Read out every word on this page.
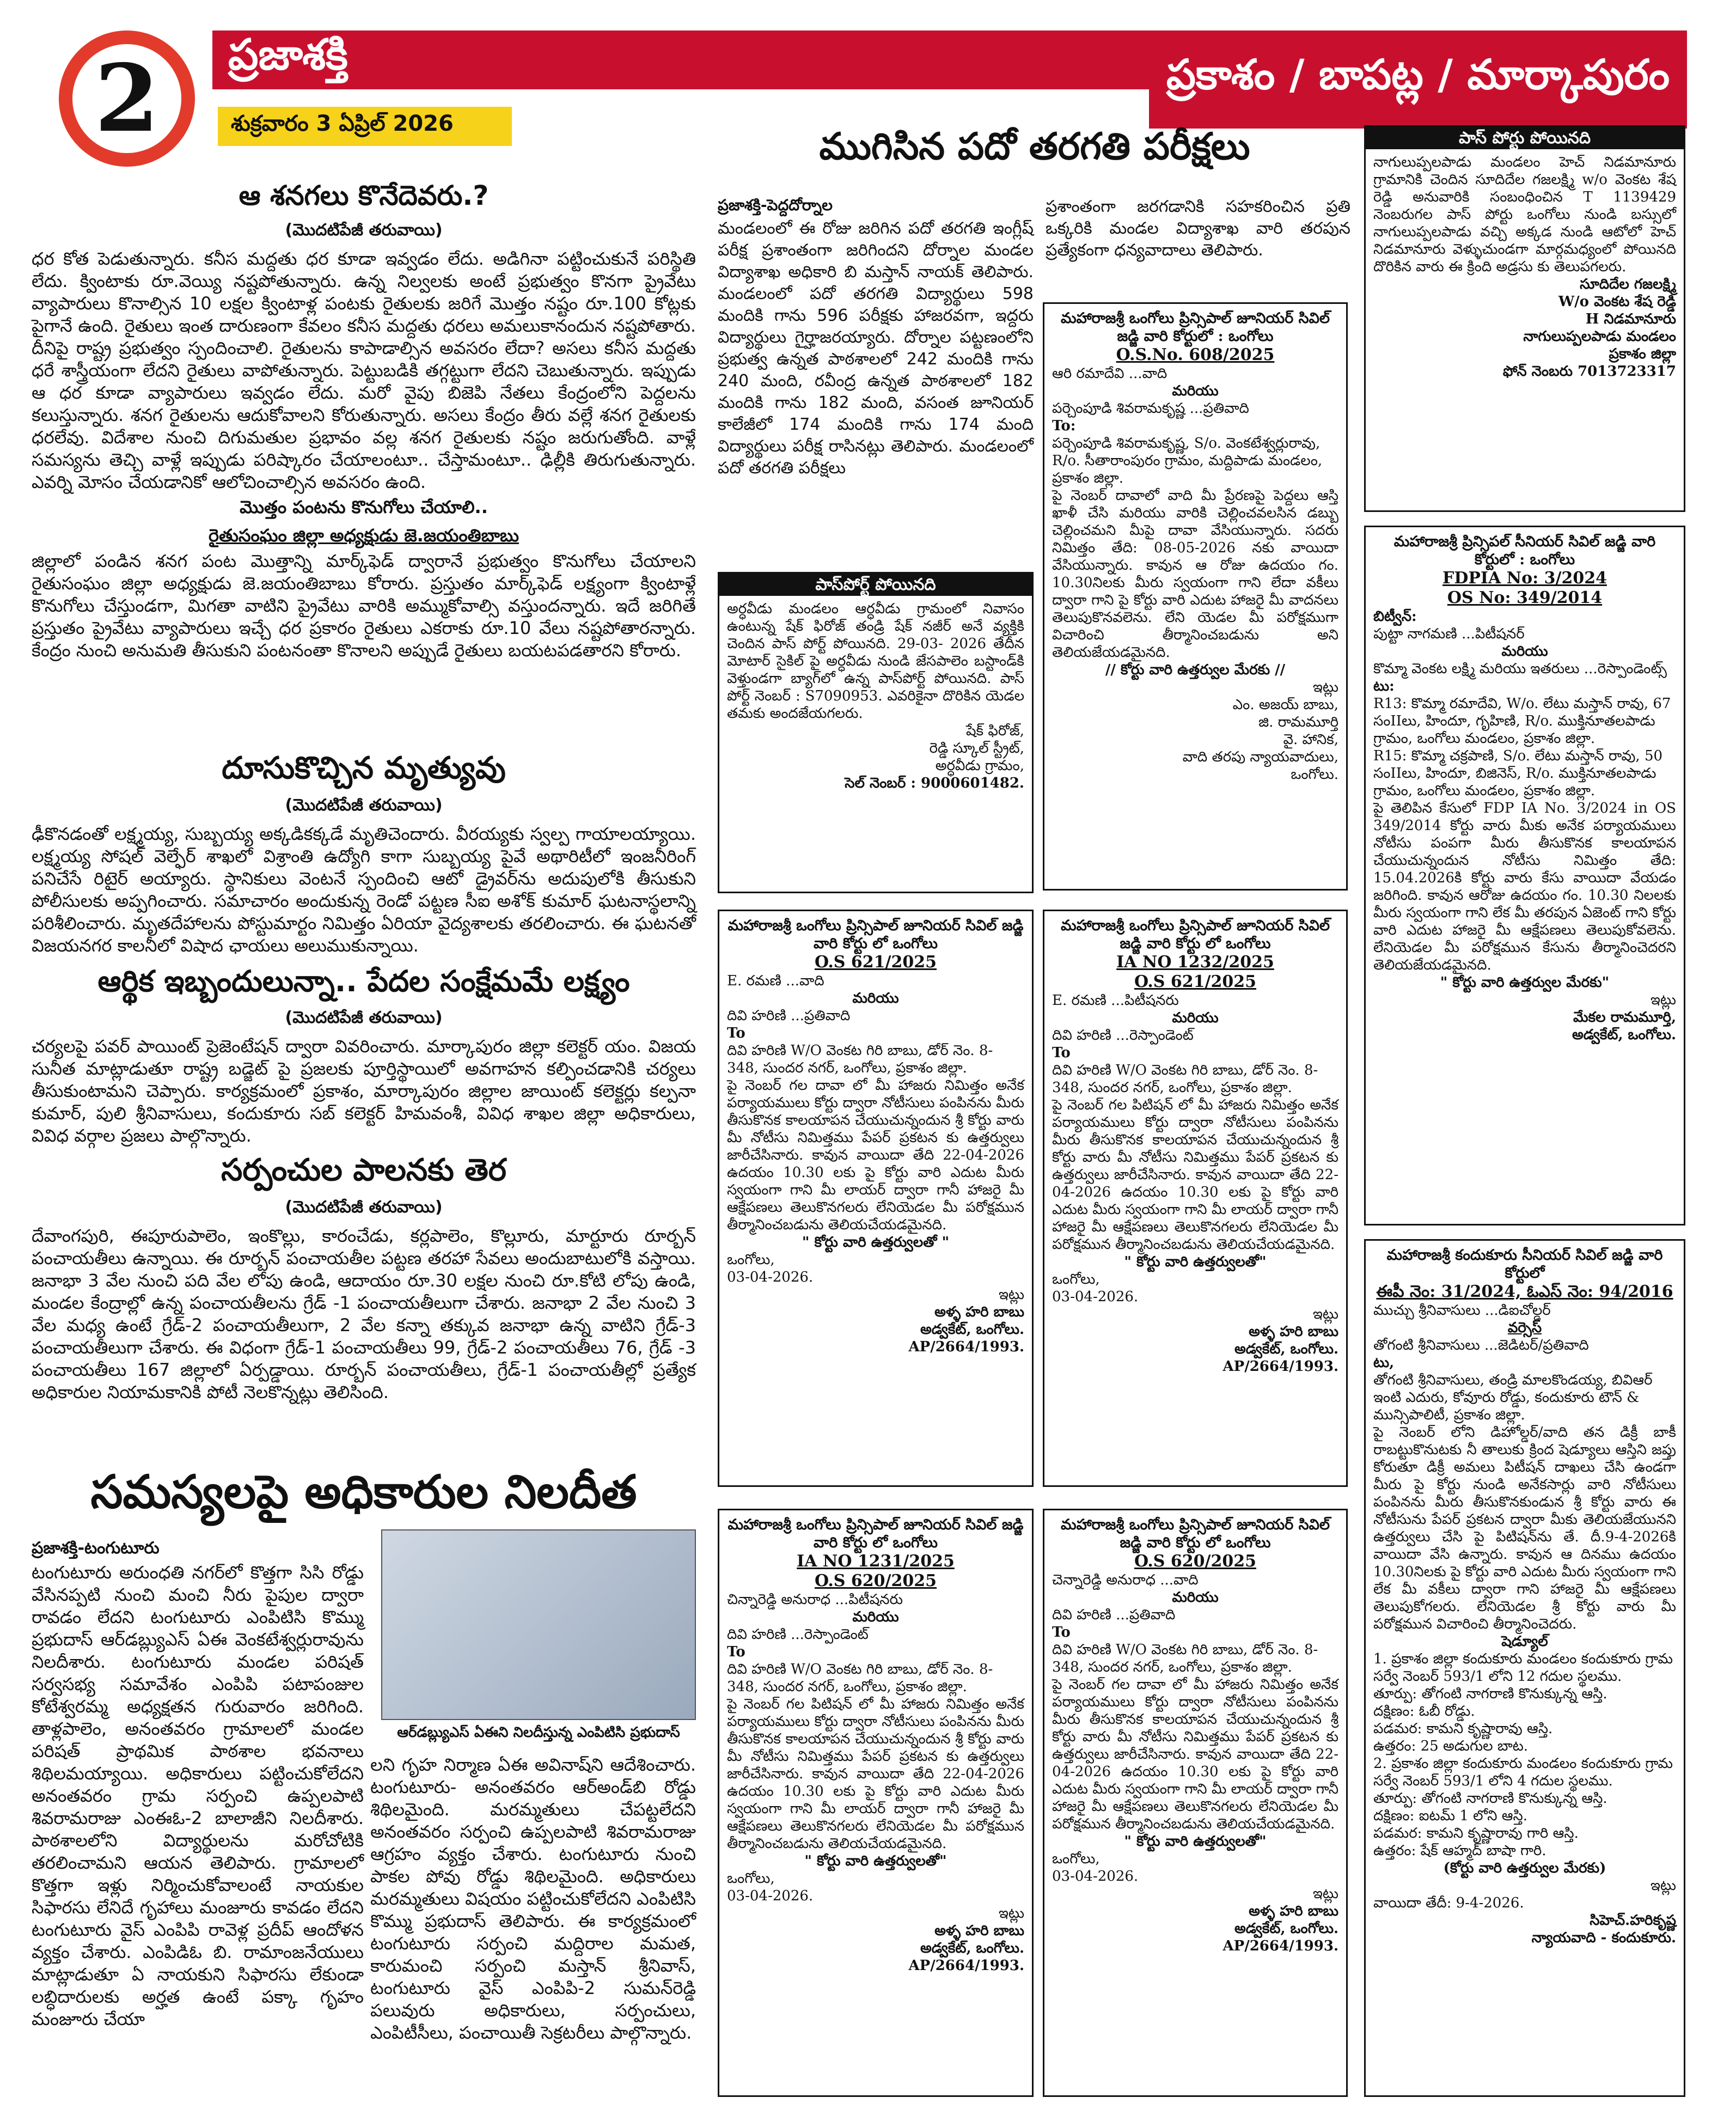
ప్రజాశక్తి
2	శుక్రవారం 3 ఏప్రిల్ 2026
ప్రకాశం / బాపట్ల / మార్కాపురం
ఆ శనగలు కొనేదెవరు.?
(మొదటిపేజీ తరువాయి)
ధర కోత పెడుతున్నారు. కనీస మద్దతు ధర కూడా ఇవ్వడం లేదు. అడిగినా పట్టించుకునే పరిస్థితి లేదు. క్వింటాకు రూ.వెయ్యి నష్టపోతున్నారు. ఉన్న నిల్వలకు అంటే ప్రభుత్వం కొనగా ప్రైవేటు వ్యాపారులు కొనాల్సిన 10 లక్షల క్వింటాళ్ల పంటకు రైతులకు జరిగే మొత్తం నష్టం రూ.100 కోట్లకు పైగానే ఉంది. రైతులు ఇంత దారుణంగా కేవలం కనీస మద్దతు ధరలు అమలుకానందున నష్టపోతారు. దీనిపై రాష్ట్ర ప్రభుత్వం స్పందించాలి. రైతులను కాపాడాల్సిన అవసరం లేదా? అసలు కనీస మద్దతు ధరే శాస్త్రీయంగా లేదని రైతులు వాపోతున్నారు. పెట్టుబడికి తగ్గట్టుగా లేదని చెబుతున్నారు. ఇప్పుడు ఆ ధర కూడా వ్యాపారులు ఇవ్వడం లేదు. మరో వైపు బిజెపి నేతలు కేంద్రంలోని పెద్దలను కలుస్తున్నారు. శనగ రైతులను ఆదుకోవాలని కోరుతున్నారు. అసలు కేంద్రం తీరు వల్లే శనగ రైతులకు ధరలేవు. విదేశాల నుంచి దిగుమతుల ప్రభావం వల్ల శనగ రైతులకు నష్టం జరుగుతోంది. వాళ్లే సమస్యను తెచ్చి వాళ్లే ఇప్పుడు పరిష్కారం చేయాలంటూ.. చేస్తామంటూ.. ఢిల్లీకి తిరుగుతున్నారు. ఎవర్ని మోసం చేయడానికో ఆలోచించాల్సిన అవసరం ఉంది.
మొత్తం పంటను కొనుగోలు చేయాలి..
రైతుసంఘం జిల్లా అధ్యక్షుడు జె.జయంతిబాబు
జిల్లాలో పండిన శనగ పంట మొత్తాన్ని మార్క్‌ఫెడ్ ద్వారానే ప్రభుత్వం కొనుగోలు చేయాలని రైతుసంఘం జిల్లా అధ్యక్షుడు జె.జయంతిబాబు కోరారు. ప్రస్తుతం మార్క్‌ఫెడ్ లక్ష్యంగా క్వింటాళ్లే కొనుగోలు చేస్తుండగా, మిగతా వాటిని ప్రైవేటు వారికి అమ్ముకోవాల్సి వస్తుందన్నారు. ఇదే జరిగితే ప్రస్తుతం ప్రైవేటు వ్యాపారులు ఇచ్చే ధర ప్రకారం రైతులు ఎకరాకు రూ.10 వేలు నష్టపోతారన్నారు. కేంద్రం నుంచి అనుమతి తీసుకుని పంటనంతా కొనాలని అప్పుడే రైతులు బయటపడతారని కోరారు.
దూసుకొచ్చిన మృత్యువు
(మొదటిపేజీ తరువాయి)
ఢీకొనడంతో లక్ష్మయ్య, సుబ్బయ్య అక్కడికక్కడే మృతిచెందారు. వీరయ్యకు స్వల్ప గాయాలయ్యాయి. లక్ష్మయ్య సోషల్ వెల్ఫేర్ శాఖలో విశ్రాంతి ఉద్యోగి కాగా సుబ్బయ్య పైవే అథారిటీలో ఇంజనీరింగ్ పనిచేసే రిటైర్ అయ్యారు. స్థానికులు వెంటనే స్పందించి ఆటో డ్రైవర్‌ను అదుపులోకి తీసుకుని పోలీసులకు అప్పగించారు. సమాచారం అందుకున్న రెండో పట్టణ సీఐ అశోక్ కుమార్ ఘటనాస్థలాన్ని పరిశీలించారు. మృతదేహాలను పోస్టుమార్టం నిమిత్తం ఏరియా వైద్యశాలకు తరలించారు. ఈ ఘటనతో విజయనగర కాలనీలో విషాద ఛాయలు అలుముకున్నాయి.
ఆర్థిక ఇబ్బందులున్నా.. పేదల సంక్షేమమే లక్ష్యం
(మొదటిపేజీ తరువాయి)
చర్యలపై పవర్ పాయింట్ ప్రెజెంటేషన్ ద్వారా వివరించారు. మార్కాపురం జిల్లా కలెక్టర్ యం. విజయ సునీత మాట్లాడుతూ రాష్ట్ర బడ్జెట్ పై ప్రజలకు పూర్తిస్థాయిలో అవగాహన కల్పించడానికి చర్యలు తీసుకుంటామని చెప్పారు. కార్యక్రమంలో ప్రకాశం, మార్కాపురం జిల్లాల జాయింట్ కలెక్టర్లు కల్పనా కుమార్, పులి శ్రీనివాసులు, కందుకూరు సబ్ కలెక్టర్ హిమవంశీ, వివిధ శాఖల జిల్లా అధికారులు, వివిధ వర్గాల ప్రజలు పాల్గొన్నారు.
సర్పంచుల పాలనకు తెర
(మొదటిపేజీ తరువాయి)
దేవాంగపురి, ఈపూరుపాలెం, ఇంకొల్లు, కారంచేడు, కర్లపాలెం, కొల్లూరు, మార్టూరు రూర్బన్ పంచాయతీలు ఉన్నాయి. ఈ రూర్బన్ పంచాయతీల పట్టణ తరహా సేవలు అందుబాటులోకి వస్తాయి. జనాభా 3 వేల నుంచి పది వేల లోపు ఉండి, ఆదాయం రూ.30 లక్షల నుంచి రూ.కోటి లోపు ఉండి, మండల కేంద్రాల్లో ఉన్న పంచాయతీలను గ్రేడ్ -1 పంచాయతీలుగా చేశారు. జనాభా 2 వేల నుంచి 3 వేల మధ్య ఉంటే గ్రేడ్-2 పంచాయతీలుగా, 2 వేల కన్నా తక్కువ జనాభా ఉన్న వాటిని గ్రేడ్-3 పంచాయతీలుగా చేశారు. ఈ విధంగా గ్రేడ్-1 పంచాయతీలు 99, గ్రేడ్-2 పంచాయతీలు 76, గ్రేడ్ -3 పంచాయతీలు 167 జిల్లాలో ఏర్పడ్డాయి. రూర్బన్ పంచాయతీలు, గ్రేడ్-1 పంచాయతీల్లో ప్రత్యేక అధికారుల నియామకానికి పోటీ నెలకొన్నట్లు తెలిసింది.
సమస్యలపై అధికారుల నిలదీత
ప్రజాశక్తి-టంగుటూరు
టంగుటూరు అరుంధతి నగర్‌లో కొత్తగా సిసి రోడ్డు వేసినప్పటి నుంచి మంచి నీరు పైపుల ద్వారా రావడం లేదని టంగుటూరు ఎంపిటిసి కొమ్ము ప్రభుదాస్ ఆర్‌డబ్ల్యుఎస్ ఏఈ వెంకటేశ్వర్లురావును నిలదీశారు. టంగుటూరు మండల పరిషత్ సర్వసభ్య సమావేశం ఎంపిపి పటాపంజుల కోటేశ్వరమ్మ అధ్యక్షతన గురువారం జరిగింది. తాళ్లపాలెం, అనంతవరం గ్రామాలలో మండల పరిషత్ ప్రాథమిక పాఠశాల భవనాలు శిథిలమయ్యాయి. అధికారులు పట్టించుకోలేదని అనంతవరం గ్రామ సర్పంచి ఉప్పలపాటి శివరామరాజు ఎంఈఓ-2 బాలాజీని నిలదీశారు. పాఠశాలలోని విద్యార్థులను మరోచోటికి తరలించామని ఆయన తెలిపారు. గ్రామాలలో కొత్తగా ఇళ్లు నిర్మించుకోవాలంటే నాయకుల సిఫారసు లేనిదే గృహాలు మంజూరు కావడం లేదని టంగుటూరు వైస్ ఎంపిపి రావెళ్ల ప్రదీప్ ఆందోళన వ్యక్తం చేశారు. ఎంపిడిఓ బి. రామాంజనేయులు మాట్లాడుతూ ఏ నాయకుని సిఫారసు లేకుండా లబ్ధిదారులకు అర్హత ఉంటే పక్కా గృహం మంజూరు చేయా
ఆర్‌డబ్ల్యుఎస్ ఏఈని నిలదీస్తున్న ఎంపిటిసి ప్రభుదాస్
లని గృహ నిర్మాణ ఏఈ అవినాష్‌ని ఆదేశించారు. టంగుటూరు- అనంతవరం ఆర్‌అండ్‌బి రోడ్డు శిథిలమైంది. మరమ్మతులు చేపట్టలేదని అనంతవరం సర్పంచి ఉప్పలపాటి శివరామరాజు ఆగ్రహం వ్యక్తం చేశారు. టంగుటూరు నుంచి పాకల పోవు రోడ్డు శిథిలమైంది. అధికారులు మరమ్మతులు విషయం పట్టించుకోలేదని ఎంపిటిసి కొమ్ము ప్రభుదాస్ తెలిపారు. ఈ కార్యక్రమంలో టంగుటూరు సర్పంచి మద్దిరాల మమత, కారుమంచి సర్పంచి మస్తాన్ శ్రీనివాస్, టంగుటూరు వైస్ ఎంపిపి-2 సుమన్‌రెడ్డి పలువురు అధికారులు, సర్పంచులు, ఎంపిటీసీలు, పంచాయితీ సెక్రటరీలు పాల్గొన్నారు.
ముగిసిన పదో తరగతి పరీక్షలు
ప్రజాశక్తి-పెద్దదోర్నాల
మండలంలో ఈ రోజు జరిగిన పదో తరగతి ఇంగ్లీష్ పరీక్ష ప్రశాంతంగా జరిగిందని దోర్నాల మండల విద్యాశాఖ అధికారి బి మస్తాన్ నాయక్ తెలిపారు. మండలంలో పదో తరగతి విద్యార్థులు 598 మందికి గాను 596 పరీక్షకు హాజరవగా, ఇద్దరు విద్యార్థులు గైర్హాజరయ్యారు. దోర్నాల పట్టణంలోని ప్రభుత్వ ఉన్నత పాఠశాలలో 242 మందికి గాను 240 మంది, రవీంద్ర ఉన్నత పాఠశాలలో 182 మందికి గాను 182 మంది, వసంత జూనియర్ కాలేజీలో 174 మందికి గాను 174 మంది విద్యార్థులు పరీక్ష రాసినట్లు తెలిపారు. మండలంలో పదో తరగతి పరీక్షలు
ప్రశాంతంగా జరగడానికి సహకరించిన ప్రతి ఒక్కరికి మండల విద్యాశాఖ వారి తరపున ప్రత్యేకంగా ధన్యవాదాలు తెలిపారు.
పాస్‌పోర్ట్ పోయినది

అర్ధవీడు మండలం ఆర్ధవీడు గ్రామంలో నివాసం ఉంటున్న షేక్ ఫిరోజ్ తండ్రి షేక్ నజీర్ అనే వ్యక్తికి చెందిన పాస్ పోర్ట్ పోయినది. 29-03- 2026 తేదీన మోటార్ సైకిల్ పై అర్ధవీడు నుండి జేసపాలెం బస్టాండ్‌కి వెళ్తుండగా బ్యాగ్‌లో ఉన్న పాస్‌పోర్ట్ పోయినది. పాస్ పోర్ట్ నెంబర్ : S7090953. ఎవరికైనా దొరికిన యెడల తమకు అందజేయగలరు.

షేక్ ఫిరోజ్,

రెడ్డి స్కూల్ స్ట్రీట్,

అర్ధవీడు గ్రామం,

సెల్ నెంబర్ : 9000601482.

మహారాజశ్రీ ఒంగోలు ప్రిన్సిపాల్ జూనియర్ సివిల్ జడ్జి వారి కోర్టులో : ఒంగోలు
O.S.No. 608/2025

ఆరి రమాదేవి ...వాది

మరియు

పర్చెంపూడి శివరామకృష్ణ ...ప్రతివాది

To:

పర్చెంపూడి శివరామకృష్ణ, S/o. వెంకటేశ్వర్లురావు, R/o. సీతారాంపురం గ్రామం, మద్దిపాడు మండలం, ప్రకాశం జిల్లా.

పై నెంబర్ దావాలో వాది మీ ప్రేరణపై పెద్దలు ఆస్తి ఖాళీ చేసి మరియు వారికి చెల్లించవలసిన డబ్బు చెల్లించమని మీపై దావా వేసియున్నారు. సదరు నిమిత్తం తేది: 08-05-2026 నకు వాయిదా వేసియున్నారు. కావున ఆ రోజు ఉదయం గం. 10.30నిలకు మీరు స్వయంగా గాని లేదా వకీలు ద్వారా గాని పై కోర్టు వారి ఎదుట హాజరై మీ వాదనలు తెలుపుకొనవలెను. లేని యెడల మీ పరోక్షముగా విచారించి తీర్మానించబడును అని తెలియజేయడమైనది.

// కోర్టు వారి ఉత్తర్వుల మేరకు //

ఇట్లు

ఎం. అజయ్ బాబు,

జి. రామమూర్తి

వై. హానిక,

వాది తరపు న్యాయవాదులు,

ఒంగోలు.

మహారాజశ్రీ ఒంగోలు ప్రిన్సిపాల్ జూనియర్ సివిల్ జడ్జి వారి కోర్టు లో ఒంగోలు
O.S 621/2025

E. రమణి ...వాది

మరియు

దివి హరిణి ...ప్రతివాది

To

దివి హరిణి W/O వెంకట గిరి బాబు, డోర్ నెం. 8-348, సుందర నగర్, ఒంగోలు, ప్రకాశం జిల్లా.

పై నెంబర్ గల దావా లో మీ హాజరు నిమిత్తం అనేక పర్యాయములు కోర్టు ద్వారా నోటీసులు పంపినను మీరు తీసుకొనక కాలయాపన చేయుచున్నందున శ్రీ కోర్టు వారు మీ నోటీసు నిమిత్తము పేపర్ ప్రకటన కు ఉత్తర్వులు జారీచేసినారు. కావున వాయిదా తేది 22-04-2026 ఉదయం 10.30 లకు పై కోర్టు వారి ఎదుట మీరు స్వయంగా గాని మీ లాయర్ ద్వారా గానీ హాజరై మీ ఆక్షేపణలు తెలుకొనగలరు లేనియెడల మీ పరోక్షమున తీర్మానించబడును తెలియచేయడమైనది.

" కోర్టు వారి ఉత్తర్వులతో "

ఒంగోలు,

03-04-2026.

ఇట్లు

అళ్ళ హరి బాబు

అడ్వకేట్, ఒంగోలు.

AP/2664/1993.

మహారాజశ్రీ ఒంగోలు ప్రిన్సిపాల్ జూనియర్ సివిల్ జడ్జి వారి కోర్టు లో ఒంగోలు
IA NO 1232/2025
O.S 621/2025

E. రమణి ...పిటీషనరు

మరియు

దివి హరిణి ...రెస్పాండెంట్

To

దివి హరిణి W/O వెంకట గిరి బాబు, డోర్ నెం. 8-348, సుందర నగర్, ఒంగోలు, ప్రకాశం జిల్లా.

పై నెంబర్ గల పిటిషన్ లో మీ హాజరు నిమిత్తం అనేక పర్యాయములు కోర్టు ద్వారా నోటీసులు పంపినను మీరు తీసుకొనక కాలయాపన చేయుచున్నందున శ్రీ కోర్టు వారు మీ నోటీసు నిమిత్తము పేపర్ ప్రకటన కు ఉత్తర్వులు జారీచేసినారు. కావున వాయిదా తేది 22-04-2026 ఉదయం 10.30 లకు పై కోర్టు వారి ఎదుట మీరు స్వయంగా గాని మీ లాయర్ ద్వారా గానీ హాజరై మీ ఆక్షేపణలు తెలుకొనగలరు లేనియెడల మీ పరోక్షమున తీర్మానించబడును తెలియచేయడమైనది.

" కోర్టు వారి ఉత్తర్వులతో"

ఒంగోలు,

03-04-2026.

ఇట్లు

అళ్ళ హరి బాబు

అడ్వకేట్, ఒంగోలు.

AP/2664/1993.

మహారాజశ్రీ ఒంగోలు ప్రిన్సిపాల్ జూనియర్ సివిల్ జడ్జి వారి కోర్టు లో ఒంగోలు
IA NO 1231/2025
O.S 620/2025

చిన్నారెడ్డి అనురాధ ...పిటీషనరు

మరియు

దివి హరిణి ...రెస్పాండెంట్

To

దివి హరిణి W/O వెంకట గిరి బాబు, డోర్ నెం. 8-348, సుందర నగర్, ఒంగోలు, ప్రకాశం జిల్లా.

పై నెంబర్ గల పిటిషన్ లో మీ హాజరు నిమిత్తం అనేక పర్యాయములు కోర్టు ద్వారా నోటీసులు పంపినను మీరు తీసుకొనక కాలయాపన చేయుచున్నందున శ్రీ కోర్టు వారు మీ నోటీసు నిమిత్తము పేపర్ ప్రకటన కు ఉత్తర్వులు జారీచేసినారు. కావున వాయిదా తేది 22-04-2026 ఉదయం 10.30 లకు పై కోర్టు వారి ఎదుట మీరు స్వయంగా గాని మీ లాయర్ ద్వారా గానీ హాజరై మీ ఆక్షేపణలు తెలుకొనగలరు లేనియెడల మీ పరోక్షమున తీర్మానించబడును తెలియచేయడమైనది.

" కోర్టు వారి ఉత్తర్వులతో"

ఒంగోలు,

03-04-2026.

ఇట్లు

అళ్ళ హరి బాబు

అడ్వకేట్, ఒంగోలు.

AP/2664/1993.

మహారాజశ్రీ ఒంగోలు ప్రిన్సిపాల్ జూనియర్ సివిల్ జడ్జి వారి కోర్టు లో ఒంగోలు
O.S 620/2025

చెన్నారెడ్డి అనురాధ ...వాది

మరియు

దివి హరిణి ...ప్రతివాది

To

దివి హరిణి W/O వెంకట గిరి బాబు, డోర్ నెం. 8-348, సుందర నగర్, ఒంగోలు, ప్రకాశం జిల్లా.

పై నెంబర్ గల దావా లో మీ హాజరు నిమిత్తం అనేక పర్యాయములు కోర్టు ద్వారా నోటీసులు పంపినను మీరు తీసుకొనక కాలయాపన చేయుచున్నందున శ్రీ కోర్టు వారు మీ నోటీసు నిమిత్తము పేపర్ ప్రకటన కు ఉత్తర్వులు జారీచేసినారు. కావున వాయిదా తేది 22-04-2026 ఉదయం 10.30 లకు పై కోర్టు వారి ఎదుట మీరు స్వయంగా గాని మీ లాయర్ ద్వారా గానీ హాజరై మీ ఆక్షేపణలు తెలుకొనగలరు లేనియెడల మీ పరోక్షమున తీర్మానించబడును తెలియచేయడమైనది.

" కోర్టు వారి ఉత్తర్వులతో"

ఒంగోలు,

03-04-2026.

ఇట్లు

అళ్ళ హరి బాబు

అడ్వకేట్, ఒంగోలు.

AP/2664/1993.

పాస్ పోర్టు పోయినది

నాగులుప్పలపాడు మండలం హెచ్ నిడమానూరు గ్రామానికి చెందిన సూదిదేల గజలక్ష్మి w/o వెంకట శేష రెడ్డి అనువారికి సంబంధించిన T 1139429 నెంబరుగల పాస్ పోర్టు ఒంగోలు నుండి బస్సులో నాగులుప్పలపాడు వచ్చి అక్కడ నుండి ఆటోలో హెచ్ నిడమానూరు వెళ్ళుచుండగా మార్గమధ్యంలో పోయినది దొరికిన వారు ఈ క్రింది అడ్రసు కు తెలుపగలరు.

సూదిదేల గజలక్ష్మి

W/o వెంకట శేష రెడ్డి

H నిడమానూరు

నాగులుప్పలపాడు మండలం

ప్రకాశం జిల్లా

ఫోన్ నెంబరు 7013723317

మహారాజశ్రీ ప్రిన్సిపల్ సీనియర్ సివిల్ జడ్జి వారి కోర్టులో : ఒంగోలు
FDPIA No: 3/2024
OS No: 349/2014

బిట్వీన్:

పుట్టా నాగమణి ...పిటీషనర్

మరియు

కొమ్మా వెంకట లక్ష్మి మరియు ఇతరులు ...రెస్పాండెంట్స్

టు:

R13: కొమ్మా రమాదేవి, W/o. లేటు మస్తాన్ రావు, 67 సంIIలు, హిందూ, గృహిణి, R/o. ముక్తినూతలపాడు గ్రామం, ఒంగోలు మండలం, ప్రకాశం జిల్లా.

R15: కొమ్మా చక్రపాణి, S/o. లేటు మస్తాన్ రావు, 50 సంIIలు, హిందూ, బిజినెస్, R/o. ముక్తినూతలపాడు గ్రామం, ఒంగోలు మండలం, ప్రకాశం జిల్లా.

పై తెలిపిన కేసులో FDP IA No. 3/2024 in OS 349/2014 కోర్టు వారు మీకు అనేక పర్యాయములు నోటీసు పంపగా మీరు తీసుకొనక కాలయాపన చేయుచున్నందున నోటీసు నిమిత్తం తేది: 15.04.2026కి కోర్టు వారు కేసు వాయిదా వేయడం జరిగింది. కావున ఆరోజు ఉదయం గం. 10.30 నిలలకు మీరు స్వయంగా గాని లేక మీ తరపున ఏజెంట్ గాని కోర్టు వారి ఎదుట హాజరై మీ ఆక్షేపణలు తెలుపుకోవలెను. లేనియెడల మీ పరోక్షమున కేసును తీర్మానించెదరని తెలియజేయడమైనది.

" కోర్టు వారి ఉత్తర్వుల మేరకు"

ఇట్లు

మేకల రామమూర్తి,

అడ్వకేట్, ఒంగోలు.

మహారాజశ్రీ కందుకూరు సీనియర్ సివిల్ జడ్జి వారి కోర్టులో
ఈపీ నెం: 31/2024, ఓఎస్ నెం: 94/2016

ముచ్చు శ్రీనివాసులు ...డిఐచోల్డర్

వర్సెస్

తోగంటి శ్రీనివాసులు ...జెడిటర్/ప్రతివాది

టు,

తోగంటి శ్రీనివాసులు, తండ్రి మాలకొండయ్య, బివిఆర్ ఇంటి ఎదురు, కోవూరు రోడ్డు, కందుకూరు టౌన్ & మున్సిపాలిటీ, ప్రకాశం జిల్లా.

పై నెంబర్ లోని డిహోల్డర్/వాది తన డిక్రీ బాకీ రాబట్టుకొనుటకు నీ తాలుకు క్రింద షెడ్యూలు ఆస్తిని జప్తు కోరుతూ డిక్రీ అమలు పిటీషన్ దాఖలు చేసి ఉండగా మీరు పై కోర్టు నుండి అనేకసార్లు వారి నోటీసులు పంపినను మీరు తీసుకొనకుండున శ్రీ కోర్టు వారు ఈ నోటీసును పేపర్ ప్రకటన ద్వారా మీకు తెలియజేయునని ఉత్తర్వులు చేసి పై పిటిషన్‌ను తే. దీ.9-4-2026కి వాయిదా వేసి ఉన్నారు. కావున ఆ దినము ఉదయం 10.30నిలకు పై కోర్టు వారి ఎదుట మీరు స్వయంగా గాని లేక మీ వకీలు ద్వారా గాని హాజరై మీ ఆక్షేపణలు తెలుపుకోగలరు. లేనియెడల శ్రీ కోర్టు వారు మీ పరోక్షమున విచారించి తీర్మానించెదరు.

షెడ్యూల్

1. ప్రకాశం జిల్లా కందుకూరు మండలం కందుకూరు గ్రామ సర్వే నెంబర్ 593/1 లోని 12 గదుల స్థలము.

తూర్పు: తోగంటి నాగరాణి కొనుక్కున్న ఆస్తి.

దక్షిణం: ఓబీ రోడ్డు.

పడమర: కామని కృష్ణారావు ఆస్తి.

ఉత్తరం: 25 అడుగుల బాట.

2. ప్రకాశం జిల్లా కందుకూరు మండలం కందుకూరు గ్రామ సర్వే నెంబర్ 593/1 లోని 4 గదుల స్థలము.

తూర్పు: తోగంటి నాగరాణి కొనుక్కున్న ఆస్తి.

దక్షిణం: ఐటమ్ 1 లోని ఆస్తి.

పడమర: కామని కృష్ణారావు గారి ఆస్తి.

ఉత్తరం: షేక్ ఆహ్మద్ బాషా గారి.

(కోర్టు వారి ఉత్తర్వుల మేరకు)

ఇట్లు

వాయిదా తేదీ: 9-4-2026.

సిహెచ్.హరికృష్ణ

న్యాయవాది - కందుకూరు.
